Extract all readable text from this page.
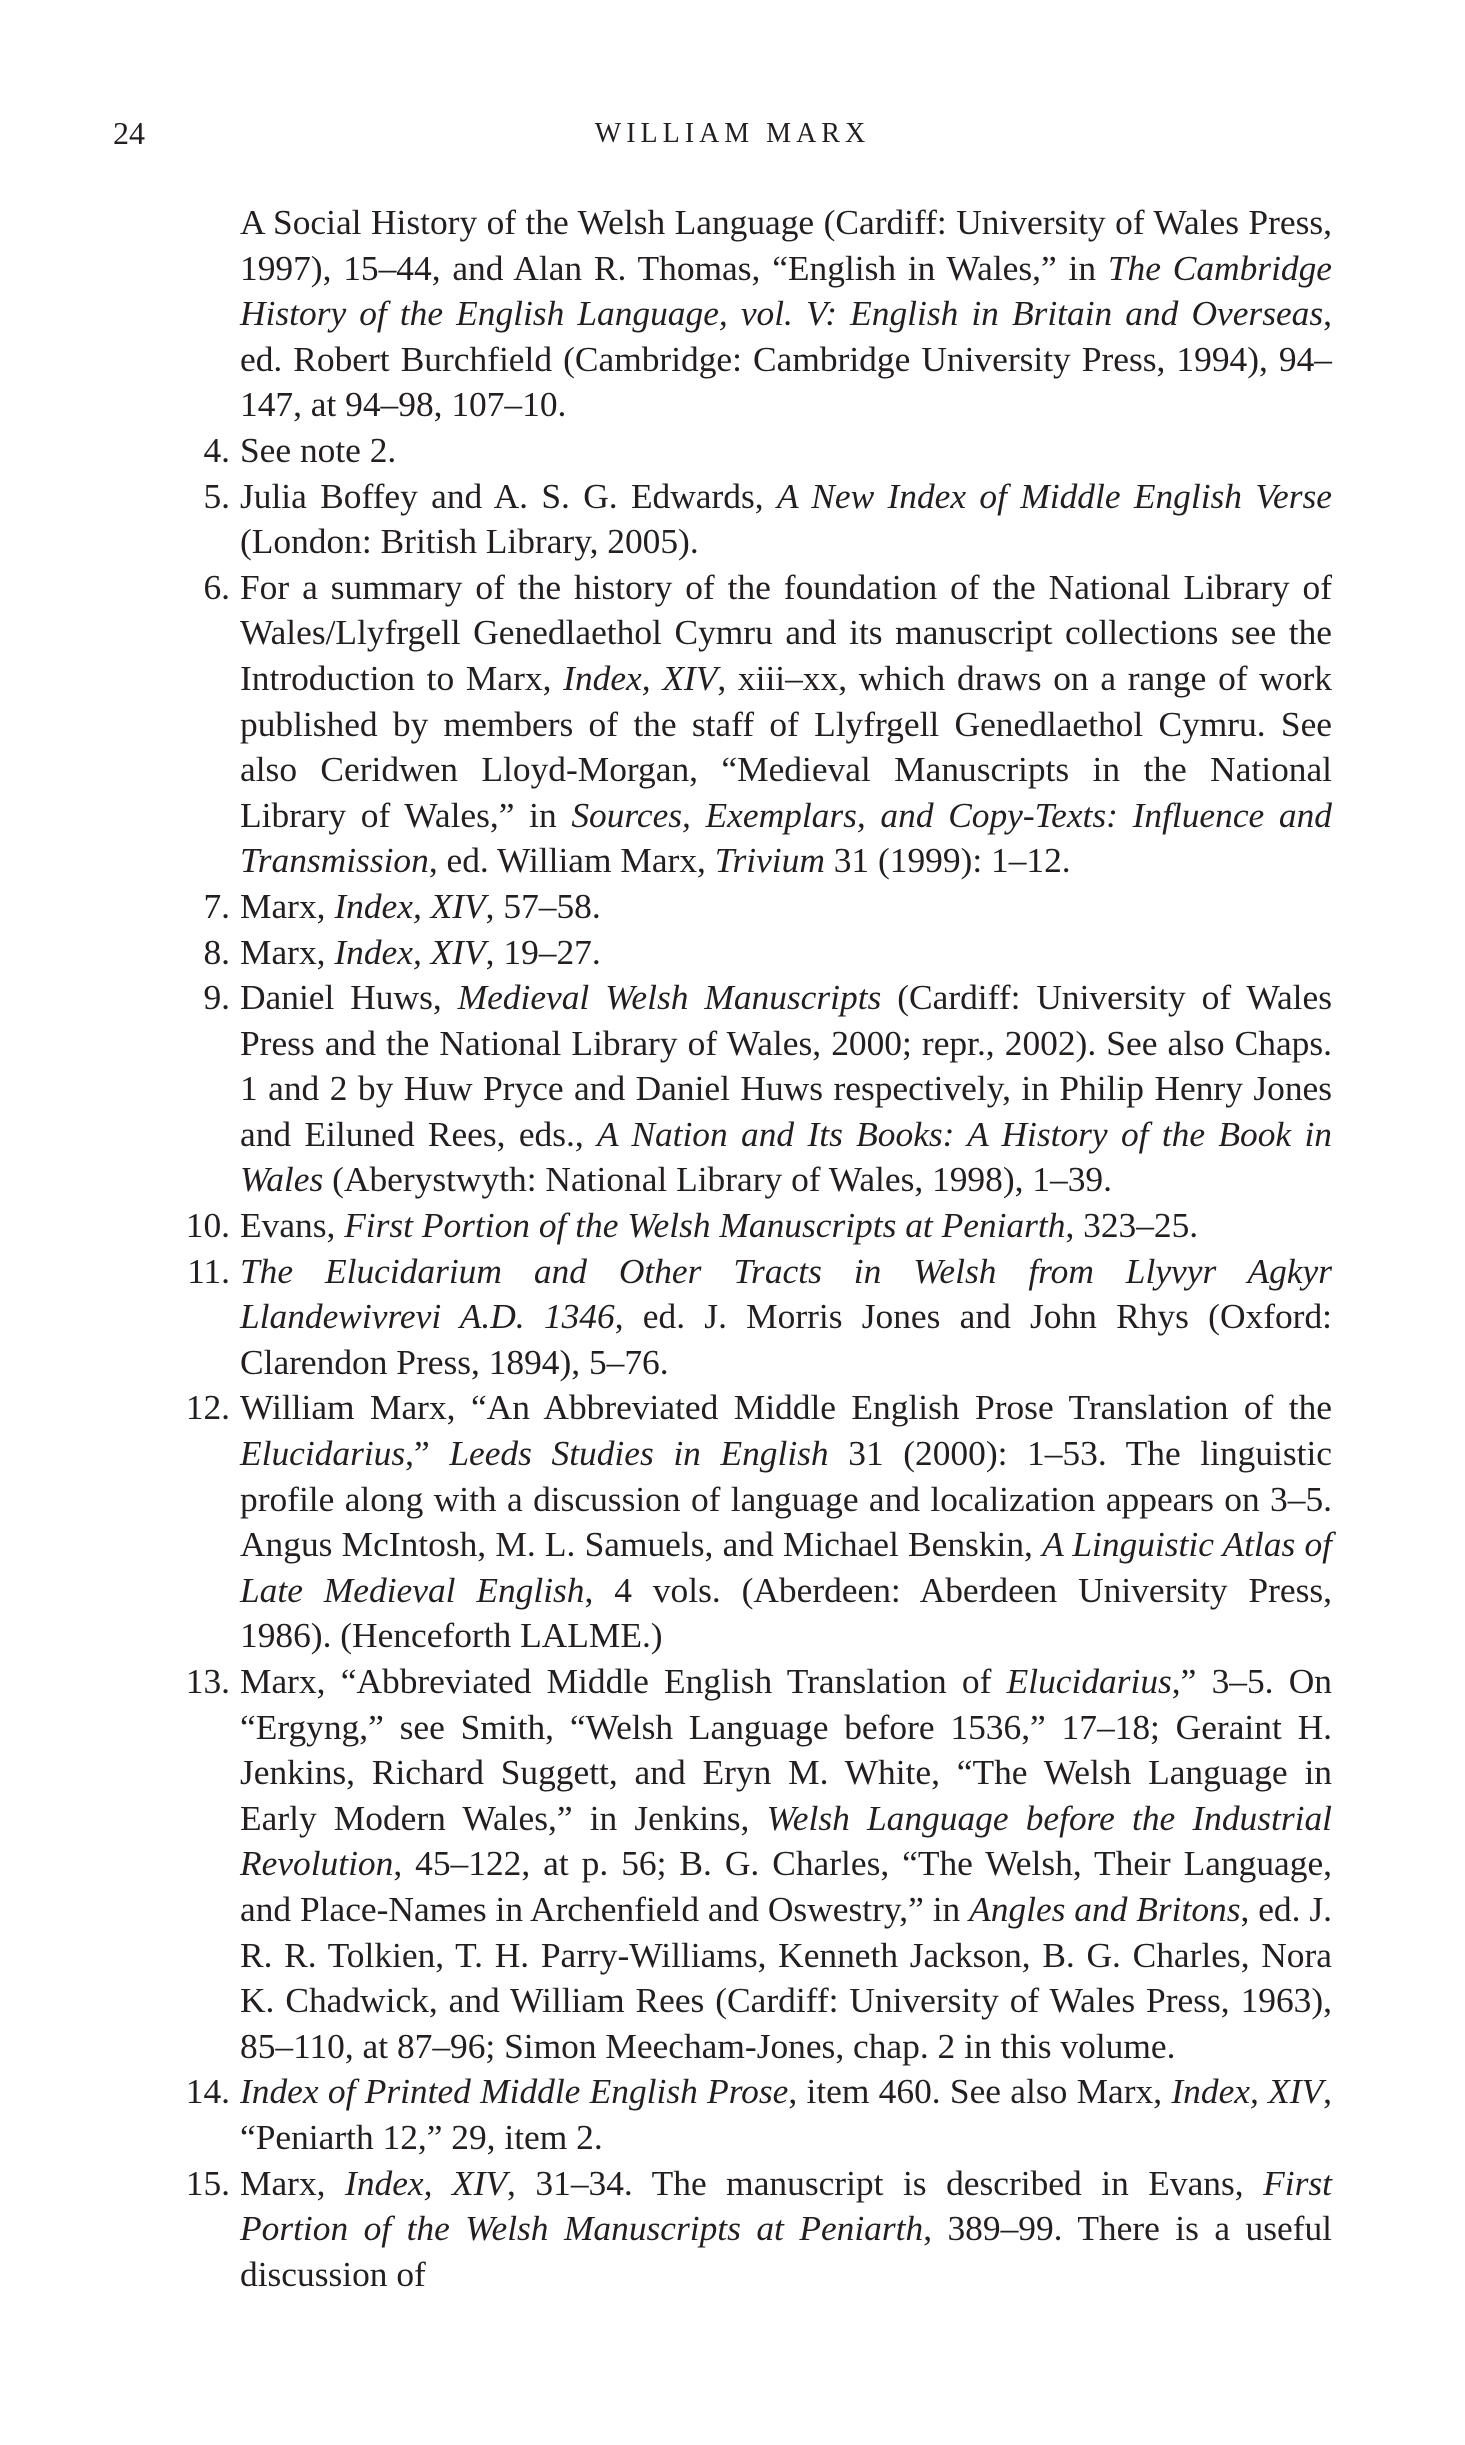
24	WILLIAM MARX
A Social History of the Welsh Language (Cardiff: University of Wales Press, 1997), 15–44, and Alan R. Thomas, “English in Wales,” in The Cambridge History of the English Language, vol. V: English in Britain and Overseas, ed. Robert Burchfield (Cambridge: Cambridge University Press, 1994), 94–147, at 94–98, 107–10.
4. See note 2.
5. Julia Boffey and A. S. G. Edwards, A New Index of Middle English Verse (London: British Library, 2005).
6. For a summary of the history of the foundation of the National Library of Wales/Llyfrgell Genedlaethol Cymru and its manuscript collections see the Introduction to Marx, Index, XIV, xiii–xx, which draws on a range of work published by members of the staff of Llyfrgell Genedlaethol Cymru. See also Ceridwen Lloyd-Morgan, “Medieval Manuscripts in the National Library of Wales,” in Sources, Exemplars, and Copy-Texts: Influence and Transmission, ed. William Marx, Trivium 31 (1999): 1–12.
7. Marx, Index, XIV, 57–58.
8. Marx, Index, XIV, 19–27.
9. Daniel Huws, Medieval Welsh Manuscripts (Cardiff: University of Wales Press and the National Library of Wales, 2000; repr., 2002). See also Chaps. 1 and 2 by Huw Pryce and Daniel Huws respectively, in Philip Henry Jones and Eiluned Rees, eds., A Nation and Its Books: A History of the Book in Wales (Aberystwyth: National Library of Wales, 1998), 1–39.
10. Evans, First Portion of the Welsh Manuscripts at Peniarth, 323–25.
11. The Elucidarium and Other Tracts in Welsh from Llyvyr Agkyr Llandewivrevi A.D. 1346, ed. J. Morris Jones and John Rhys (Oxford: Clarendon Press, 1894), 5–76.
12. William Marx, “An Abbreviated Middle English Prose Translation of the Elucidarius,” Leeds Studies in English 31 (2000): 1–53. The linguistic profile along with a discussion of language and localization appears on 3–5. Angus McIntosh, M. L. Samuels, and Michael Benskin, A Linguistic Atlas of Late Medieval English, 4 vols. (Aberdeen: Aberdeen University Press, 1986). (Henceforth LALME.)
13. Marx, “Abbreviated Middle English Translation of Elucidarius,” 3–5. On “Ergyng,” see Smith, “Welsh Language before 1536,” 17–18; Geraint H. Jenkins, Richard Suggett, and Eryn M. White, “The Welsh Language in Early Modern Wales,” in Jenkins, Welsh Language before the Industrial Revolution, 45–122, at p. 56; B. G. Charles, “The Welsh, Their Language, and Place-Names in Archenfield and Oswestry,” in Angles and Britons, ed. J. R. R. Tolkien, T. H. Parry-Williams, Kenneth Jackson, B. G. Charles, Nora K. Chadwick, and William Rees (Cardiff: University of Wales Press, 1963), 85–110, at 87–96; Simon Meecham-Jones, chap. 2 in this volume.
14. Index of Printed Middle English Prose, item 460. See also Marx, Index, XIV, “Peniarth 12,” 29, item 2.
15. Marx, Index, XIV, 31–34. The manuscript is described in Evans, First Portion of the Welsh Manuscripts at Peniarth, 389–99. There is a useful discussion of
